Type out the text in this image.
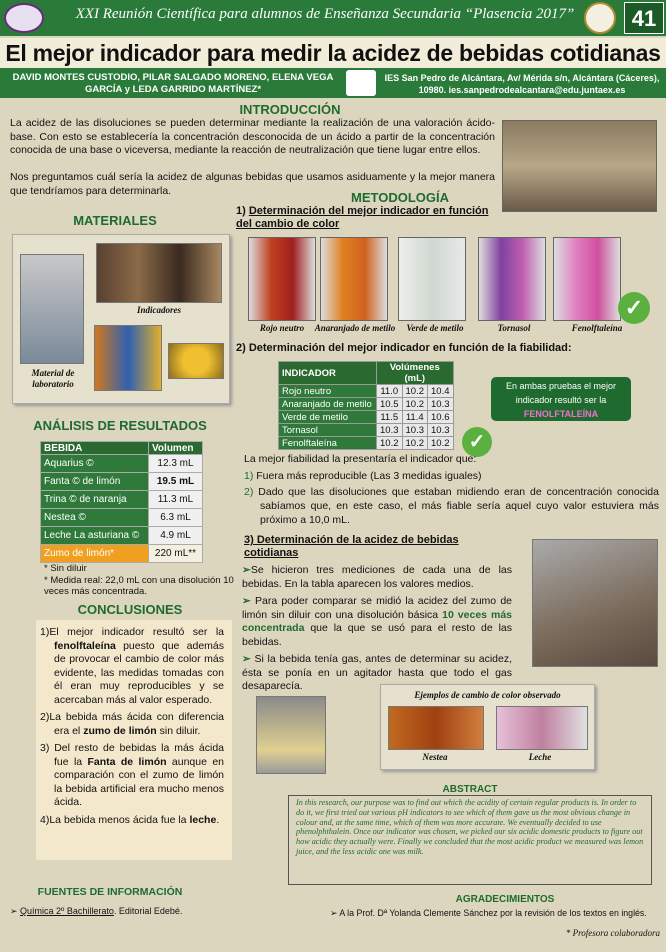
XXI Reunión Científica para alumnos de Enseñanza Secundaria “Plasencia 2017”	41
El mejor indicador para medir la acidez de bebidas cotidianas
DAVID MONTES CUSTODIO, PILAR SALGADO MORENO, ELENA VEGA GARCÍA y LEDA GARRIDO MARTÍNEZ*
IES San Pedro de Alcántara, Av/ Mérida s/n, Alcántara (Cáceres), 10980. ies.sanpedrodealcantara@edu.juntaex.es
INTRODUCCIÓN
La acidez de las disoluciones se pueden determinar mediante la realización de una valoración ácido-base. Con esto se establecería la concentración desconocida de un ácido a partir de la concentración conocida de una base o viceversa, mediante la reacción de neutralización que tiene lugar entre ellos.
Nos preguntamos cuál sería la acidez de algunas bebidas que usamos asiduamente y la mejor manera que tendríamos para determinarla.	METODOLOGÍA
1) Determinación del mejor indicador en función del cambio de color
Rojo neutro	Anaranjado de metilo	Verde de metilo	Tornasol	Fenolftaleína
✓
MATERIALES
Indicadores
Material de laboratorio
2) Determinación del mejor indicador en función de la fiabilidad:
INDICADOR	Volúmenes (mL)		
Rojo neutro	11.0	10.2	10.4
Anaranjado de metilo	10.5	10.2	10.3
Verde de metilo	11.5	11.4	10.6
Tornasol	10.3	10.3	10.3
Fenolftaleína	10.2	10.2	10.2 ✓
En ambas pruebas el mejor indicador resultó ser la
FENOLFTALEÍNA
La mejor fiabilidad la presentaría el indicador que:
1) Fuera más reproducible (Las 3 medidas iguales)
2) Dado que las disoluciones que estaban midiendo eran de concentración conocida sabíamos que, en este caso, el más fiable sería aquel cuyo valor estuviera más próximo a 10,0 mL.
ANÁLISIS DE RESULTADOS
BEBIDA	Volumen
Aquarius ©	12.3 mL
Fanta © de limón	19.5 mL
Trina © de naranja	11.3 mL
Nestea ©	6.3 mL
Leche La asturiana ©	4.9 mL
Zumo de limón*	220 mL**
* Sin diluir
* Medida real: 22,0 mL con una disolución 10 veces más concentrada.
CONCLUSIONES
1)El mejor indicador resultó ser la fenolftaleína puesto que además de provocar el cambio de color más evidente, las medidas tomadas con él eran muy reproducibles y se acercaban más al valor esperado.
2)La bebida más ácida con diferencia era el zumo de limón sin diluir.
3) Del resto de bebidas la más ácida fue la Fanta de limón aunque en comparación con el zumo de limón la bebida artificial era mucho menos ácida.
4)La bebida menos ácida fue la leche.
3) Determinación de la acidez de bebidas cotidianas

➢Se hicieron tres mediciones de cada una de las bebidas. En la tabla aparecen los valores medios.

➢ Para poder comparar se midió la acidez del zumo de limón sin diluir con una disolución básica 10 veces más concentrada que la que se usó para el resto de las bebidas.

➢ Si la bebida tenía gas, antes de determinar su acidez, ésta se ponía en un agitador hasta que todo el gas desaparecía.

Ejemplos de cambio de color observado
Nestea	Leche
ABSTRACT
In this research, our purpose was to find out which the acidity of certain regular products is. In order to do it, we first tried out various pH indicators to see which of them gave us the most obvious change in colour and, at the same time, which of them was more accurate. We eventually decided to use phenolphthalein. Once our indicator was chosen, we picked our six acidic domestic products to figure out how acidic they actually were. Finally we concluded that the most acidic product we measured was lemon juice, and the less acidic one was milk.
FUENTES DE INFORMACIÓN
➢ Química 2º Bachillerato. Editorial Edebé.
AGRADECIMIENTOS
➢ A la Prof. Dª Yolanda Clemente Sánchez por la revisión de los textos en inglés.
* Profesora colaboradora
